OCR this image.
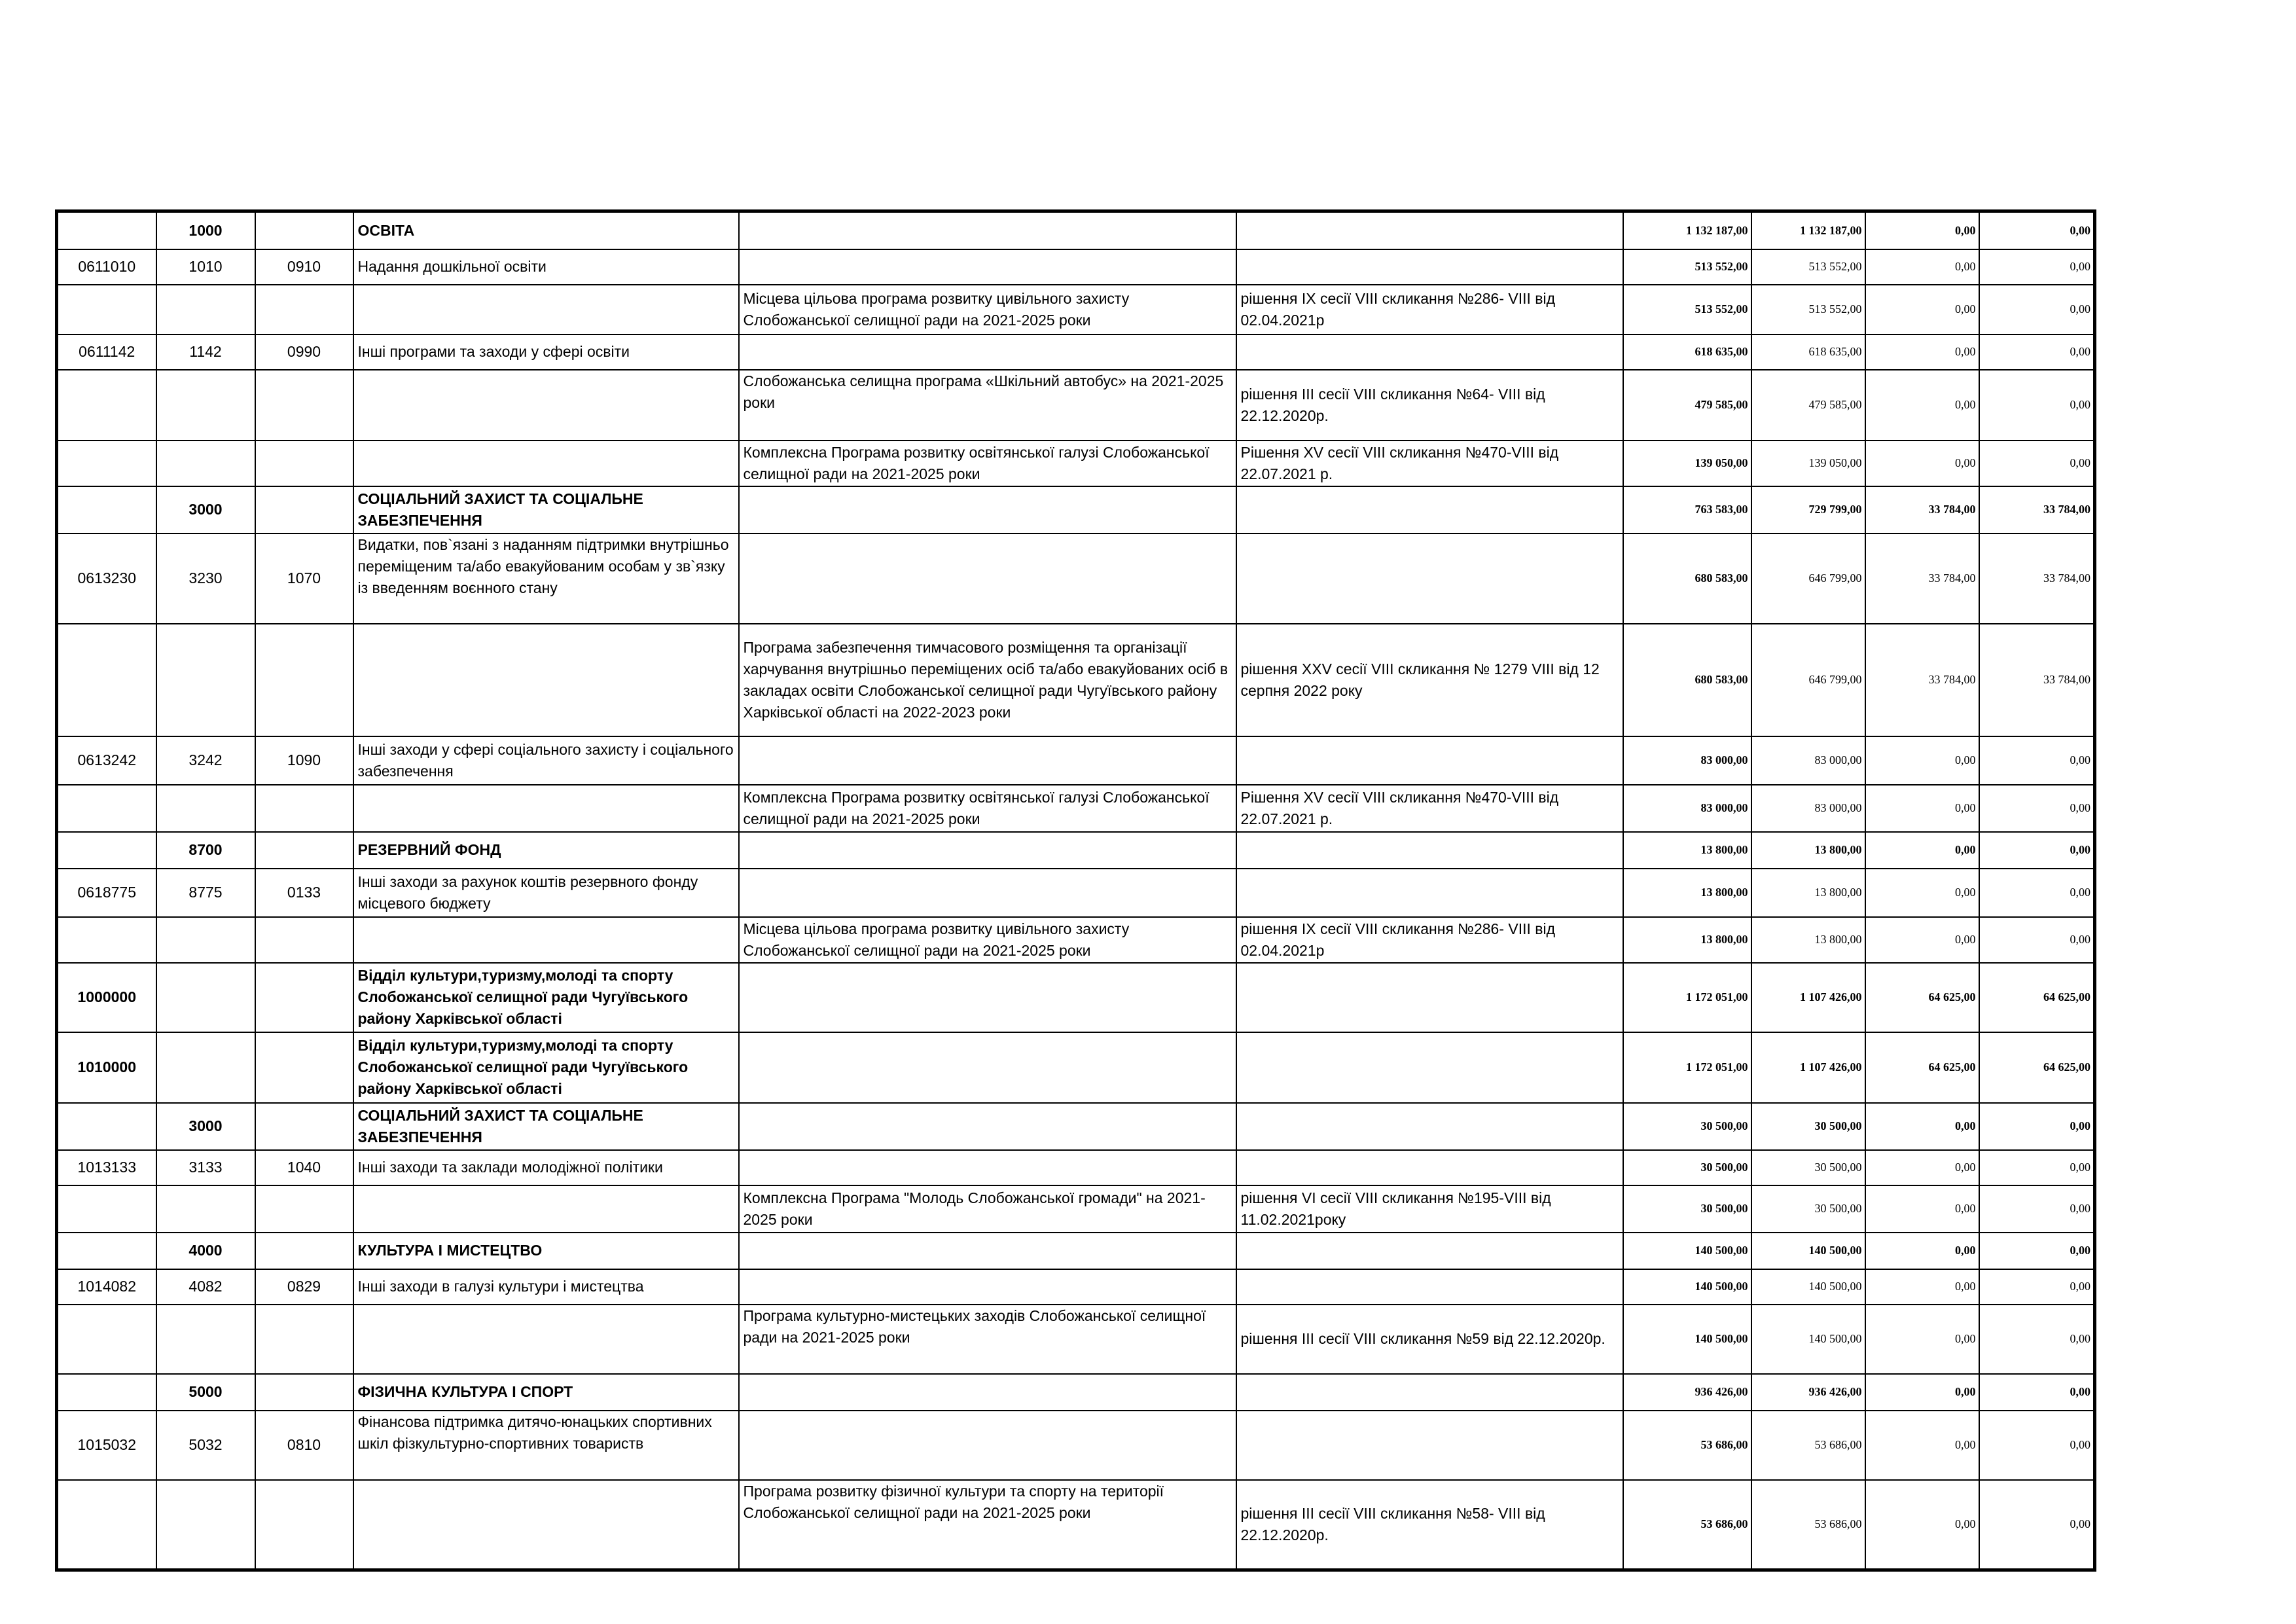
	1000		ОСВІТА			1 132 187,00	1 132 187,00	0,00	0,00
0611010	1010	0910	Надання дошкільної освіти			513 552,00	513 552,00	0,00	0,00
				Місцева цільова програма розвитку цивільного захисту Слобожанської селищної ради на 2021-2025 роки	рішення IX сесії VIII скликання №286- VIII від 02.04.2021р	513 552,00	513 552,00	0,00	0,00
0611142	1142	0990	Інші програми та заходи у сфері освіти			618 635,00	618 635,00	0,00	0,00
				Слобожанська селищна програма «Шкільний автобус» на 2021-2025 роки	рішення III сесії VIII скликання №64- VIII від 22.12.2020р.	479 585,00	479 585,00	0,00	0,00
				Комплексна Програма розвитку освітянської галузі Слобожанської селищної ради на 2021-2025 роки	Рішення XV сесії VIII скликання №470-VIII від 22.07.2021 р.	139 050,00	139 050,00	0,00	0,00
	3000		СОЦІАЛЬНИЙ ЗАХИСТ ТА СОЦІАЛЬНЕ ЗАБЕЗПЕЧЕННЯ			763 583,00	729 799,00	33 784,00	33 784,00
0613230	3230	1070	Видатки, пов`язані з наданням підтримки внутрішньо переміщеним та/або евакуйованим особам у зв`язку із введенням воєнного стану			680 583,00	646 799,00	33 784,00	33 784,00
				Програма забезпечення тимчасового розміщення та організації харчування внутрішньо переміщених осіб та/або евакуйованих осіб в закладах освіти Слобожанської селищної ради Чугуївського району Харківської області на 2022-2023 роки	рішення XXV сесії VIII скликання № 1279 VIII від 12 серпня 2022 року	680 583,00	646 799,00	33 784,00	33 784,00
0613242	3242	1090	Інші заходи у сфері соціального захисту і соціального забезпечення			83 000,00	83 000,00	0,00	0,00
				Комплексна Програма розвитку освітянської галузі Слобожанської селищної ради на 2021-2025 роки	Рішення XV сесії VIII скликання №470-VIII від 22.07.2021 р.	83 000,00	83 000,00	0,00	0,00
	8700		РЕЗЕРВНИЙ ФОНД			13 800,00	13 800,00	0,00	0,00
0618775	8775	0133	Інші заходи за рахунок коштів резервного фонду місцевого бюджету			13 800,00	13 800,00	0,00	0,00
				Місцева цільова програма розвитку цивільного захисту Слобожанської селищної ради на 2021-2025 роки	рішення IX сесії VIII скликання №286- VIII від 02.04.2021р	13 800,00	13 800,00	0,00	0,00
1000000			Відділ культури,туризму,молоді та спорту Слобожанської селищної ради Чугуївського району Харківської області			1 172 051,00	1 107 426,00	64 625,00	64 625,00
1010000			Відділ культури,туризму,молоді та спорту Слобожанської селищної ради Чугуївського району Харківської області			1 172 051,00	1 107 426,00	64 625,00	64 625,00
	3000		СОЦІАЛЬНИЙ ЗАХИСТ ТА СОЦІАЛЬНЕ ЗАБЕЗПЕЧЕННЯ			30 500,00	30 500,00	0,00	0,00
1013133	3133	1040	Інші заходи та заклади молодіжної політики			30 500,00	30 500,00	0,00	0,00
				Комплексна Програма "Молодь Слобожанської громади" на 2021-2025 роки	рішення VI сесії VIII скликання №195-VIII від 11.02.2021року	30 500,00	30 500,00	0,00	0,00
	4000		КУЛЬТУРА І МИСТЕЦТВО			140 500,00	140 500,00	0,00	0,00
1014082	4082	0829	Інші заходи в галузі культури і мистецтва			140 500,00	140 500,00	0,00	0,00
				Програма культурно-мистецьких заходів Слобожанської селищної ради на 2021-2025 роки	рішення III сесії VIII скликання №59 від 22.12.2020р.	140 500,00	140 500,00	0,00	0,00
	5000		ФІЗИЧНА КУЛЬТУРА І СПОРТ			936 426,00	936 426,00	0,00	0,00
1015032	5032	0810	Фінансова підтримка дитячо-юнацьких спортивних шкіл фізкультурно-спортивних товариств			53 686,00	53 686,00	0,00	0,00
				Програма розвитку фізичної культури та спорту на території Слобожанської селищної ради на 2021-2025 роки	рішення III сесії VIII скликання №58- VIII від 22.12.2020р.	53 686,00	53 686,00	0,00	0,00
